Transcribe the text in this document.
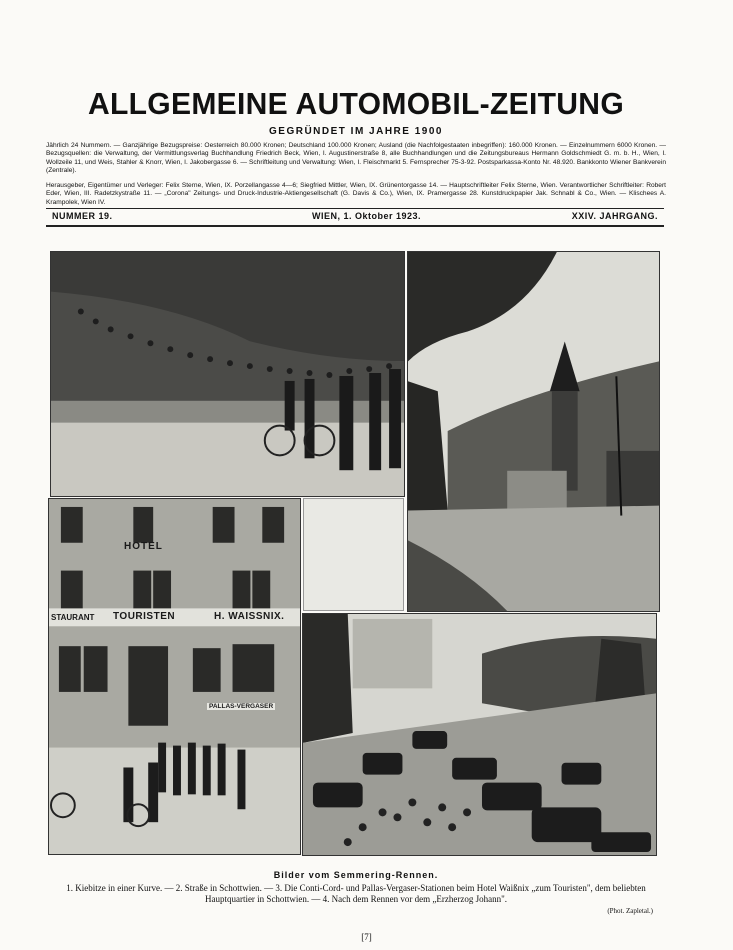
ALLGEMEINE AUTOMOBIL-ZEITUNG
GEGRÜNDET IM JAHRE 1900
Jährlich 24 Nummern. — Ganzjährige Bezugspreise: Oesterreich 80.000 Kronen; Deutschland 100.000 Kronen; Ausland (die Nachfolgestaaten inbegriffen): 160.000 Kronen. — Einzelnummern 6000 Kronen. — Bezugsquellen: die Verwaltung, der Vermittlungsverlag Buchhandlung Friedrich Beck, Wien, I. Augustinerstraße 8, alle Buchhandlungen und die Zeitungsbureaus Hermann Goldschmiedt G. m. b. H., Wien, I. Wollzeile 11, und Weis, Stahler & Knorr, Wien, I. Jakobergasse 6. — Schriftleitung und Verwaltung: Wien, I. Fleischmarkt 5. Fernsprecher 75-3-92. Postsparkassa-Konto Nr. 48.920. Bankkonto Wiener Bankverein (Zentrale).
Herausgeber, Eigentümer und Verleger: Felix Sterne, Wien, IX. Porzellangasse 4—6; Siegfried Mittler, Wien, IX. Grünentorgasse 14. — Hauptschriftleiter Felix Sterne, Wien. Verantwortlicher Schriftleiter: Robert Eder, Wien, III. Radetzkystraße 11. — „Corona" Zeitungs- und Druck-Industrie-Aktiengesellschaft (G. Davis & Co.), Wien, IX. Pramergasse 28. Kunstdruckpapier Jak. Schnabl & Co., Wien. — Klischees A. Krampolek, Wien IV.
NUMMER 19.	WIEN, 1. Oktober 1923.	XXIV. JAHRGANG.
HOTEL
STAURANT TOURISTEN	H. WAISSNIX.
PALLAS-VERGASER
Bilder vom Semmering-Rennen.
1. Kiebitze in einer Kurve. — 2. Straße in Schottwien. — 3. Die Conti-Cord- und Pallas-Vergaser-Stationen beim Hotel Waißnix „zum Touristen", dem beliebten Hauptquartier in Schottwien. — 4. Nach dem Rennen vor dem „Erzherzog Johann".
(Phot. Zapletal.)
[7]
